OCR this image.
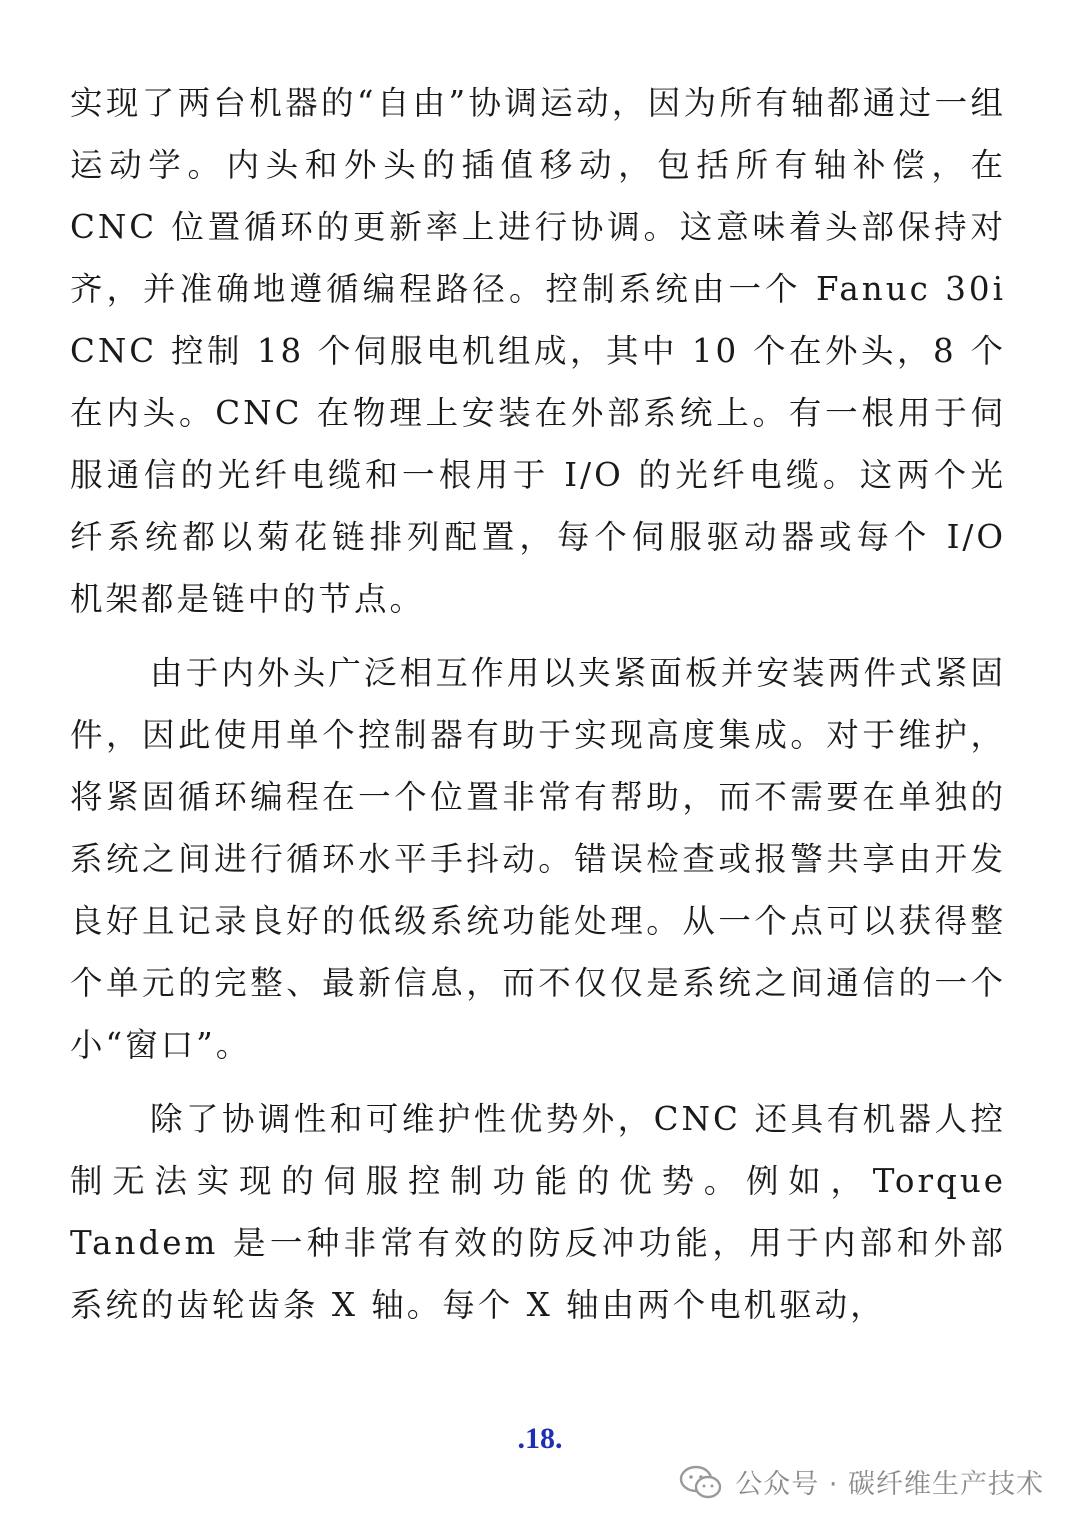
实现了两台机器的“自由”协调运动，因为所有轴都通过一组运动学。内头和外头的插值移动，包括所有轴补偿，在 CNC 位置循环的更新率上进行协调。这意味着头部保持对齐，并准确地遵循编程路径。控制系统由一个 Fanuc 30i CNC 控制 18 个伺服电机组成，其中 10 个在外头，8 个在内头。CNC 在物理上安装在外部系统上。有一根用于伺服通信的光纤电缆和一根用于 I/O 的光纤电缆。这两个光纤系统都以菊花链排列配置，每个伺服驱动器或每个 I/O 机架都是链中的节点。

由于内外头广泛相互作用以夹紧面板并安装两件式紧固件，因此使用单个控制器有助于实现高度集成。对于维护，将紧固循环编程在一个位置非常有帮助，而不需要在单独的系统之间进行循环水平手抖动。错误检查或报警共享由开发良好且记录良好的低级系统功能处理。从一个点可以获得整个单元的完整、最新信息，而不仅仅是系统之间通信的一个小“窗口”。

除了协调性和可维护性优势外，CNC 还具有机器人控制无法实现的伺服控制功能的优势。例如，Torque Tandem 是一种非常有效的防反冲功能，用于内部和外部系统的齿轮齿条 X 轴。每个 X 轴由两个电机驱动，

.18.
公众号 · 碳纤维生产技术
